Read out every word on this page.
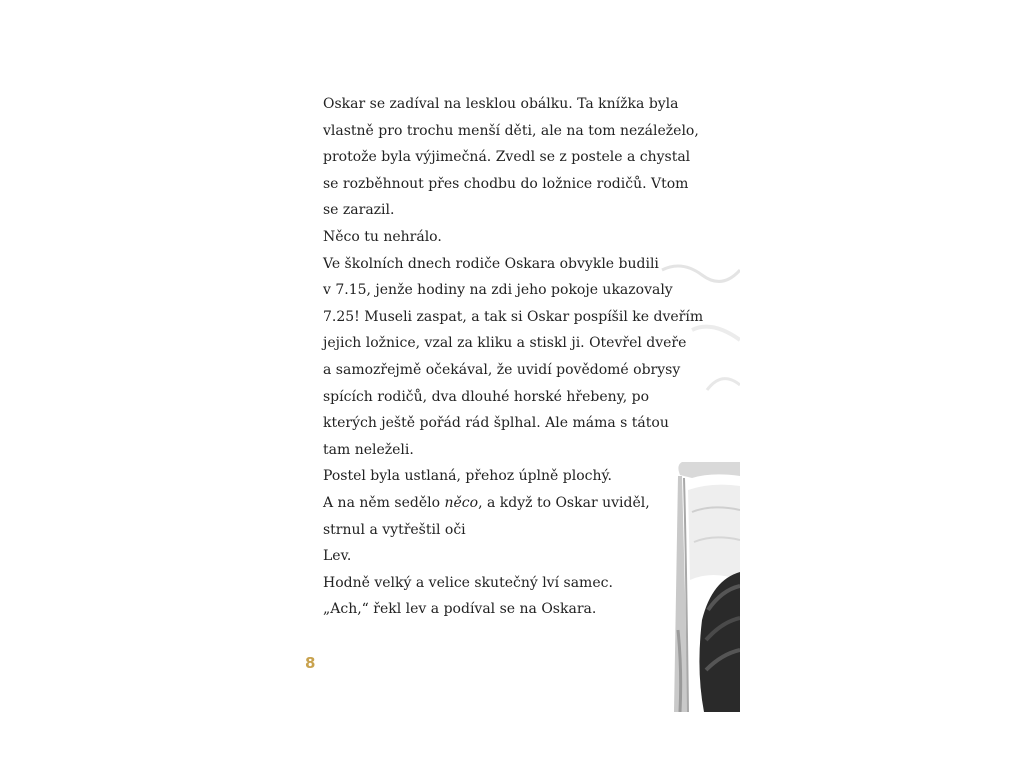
Oskar se zadíval na lesklou obálku. Ta knížka byla
vlastně pro trochu menší děti, ale na tom nezáleželo,
protože byla výjimečná. Zvedl se z postele a chystal
se rozběhnout přes chodbu do ložnice rodičů. Vtom
se zarazil.
Něco tu nehrálo.
Ve školních dnech rodiče Oskara obvykle budili
v 7.15, jenže hodiny na zdi jeho pokoje ukazovaly
7.25! Museli zaspat, a tak si Oskar pospíšil ke dveřím
jejich ložnice, vzal za kliku a stiskl ji. Otevřel dveře
a samozřejmě očekával, že uvidí povědomé obrysy
spících rodičů, dva dlouhé horské hřebeny, po
kterých ještě pořád rád šplhal. Ale máma s tátou
tam neleželi.
Postel byla ustlaná, přehoz úplně plochý.
A na něm sedělo něco, a když to Oskar uviděl,
strnul a vytřeštil oči
Lev.
Hodně velký a velice skutečný lví samec.
„Ach,“ řekl lev a podíval se na Oskara.
8
